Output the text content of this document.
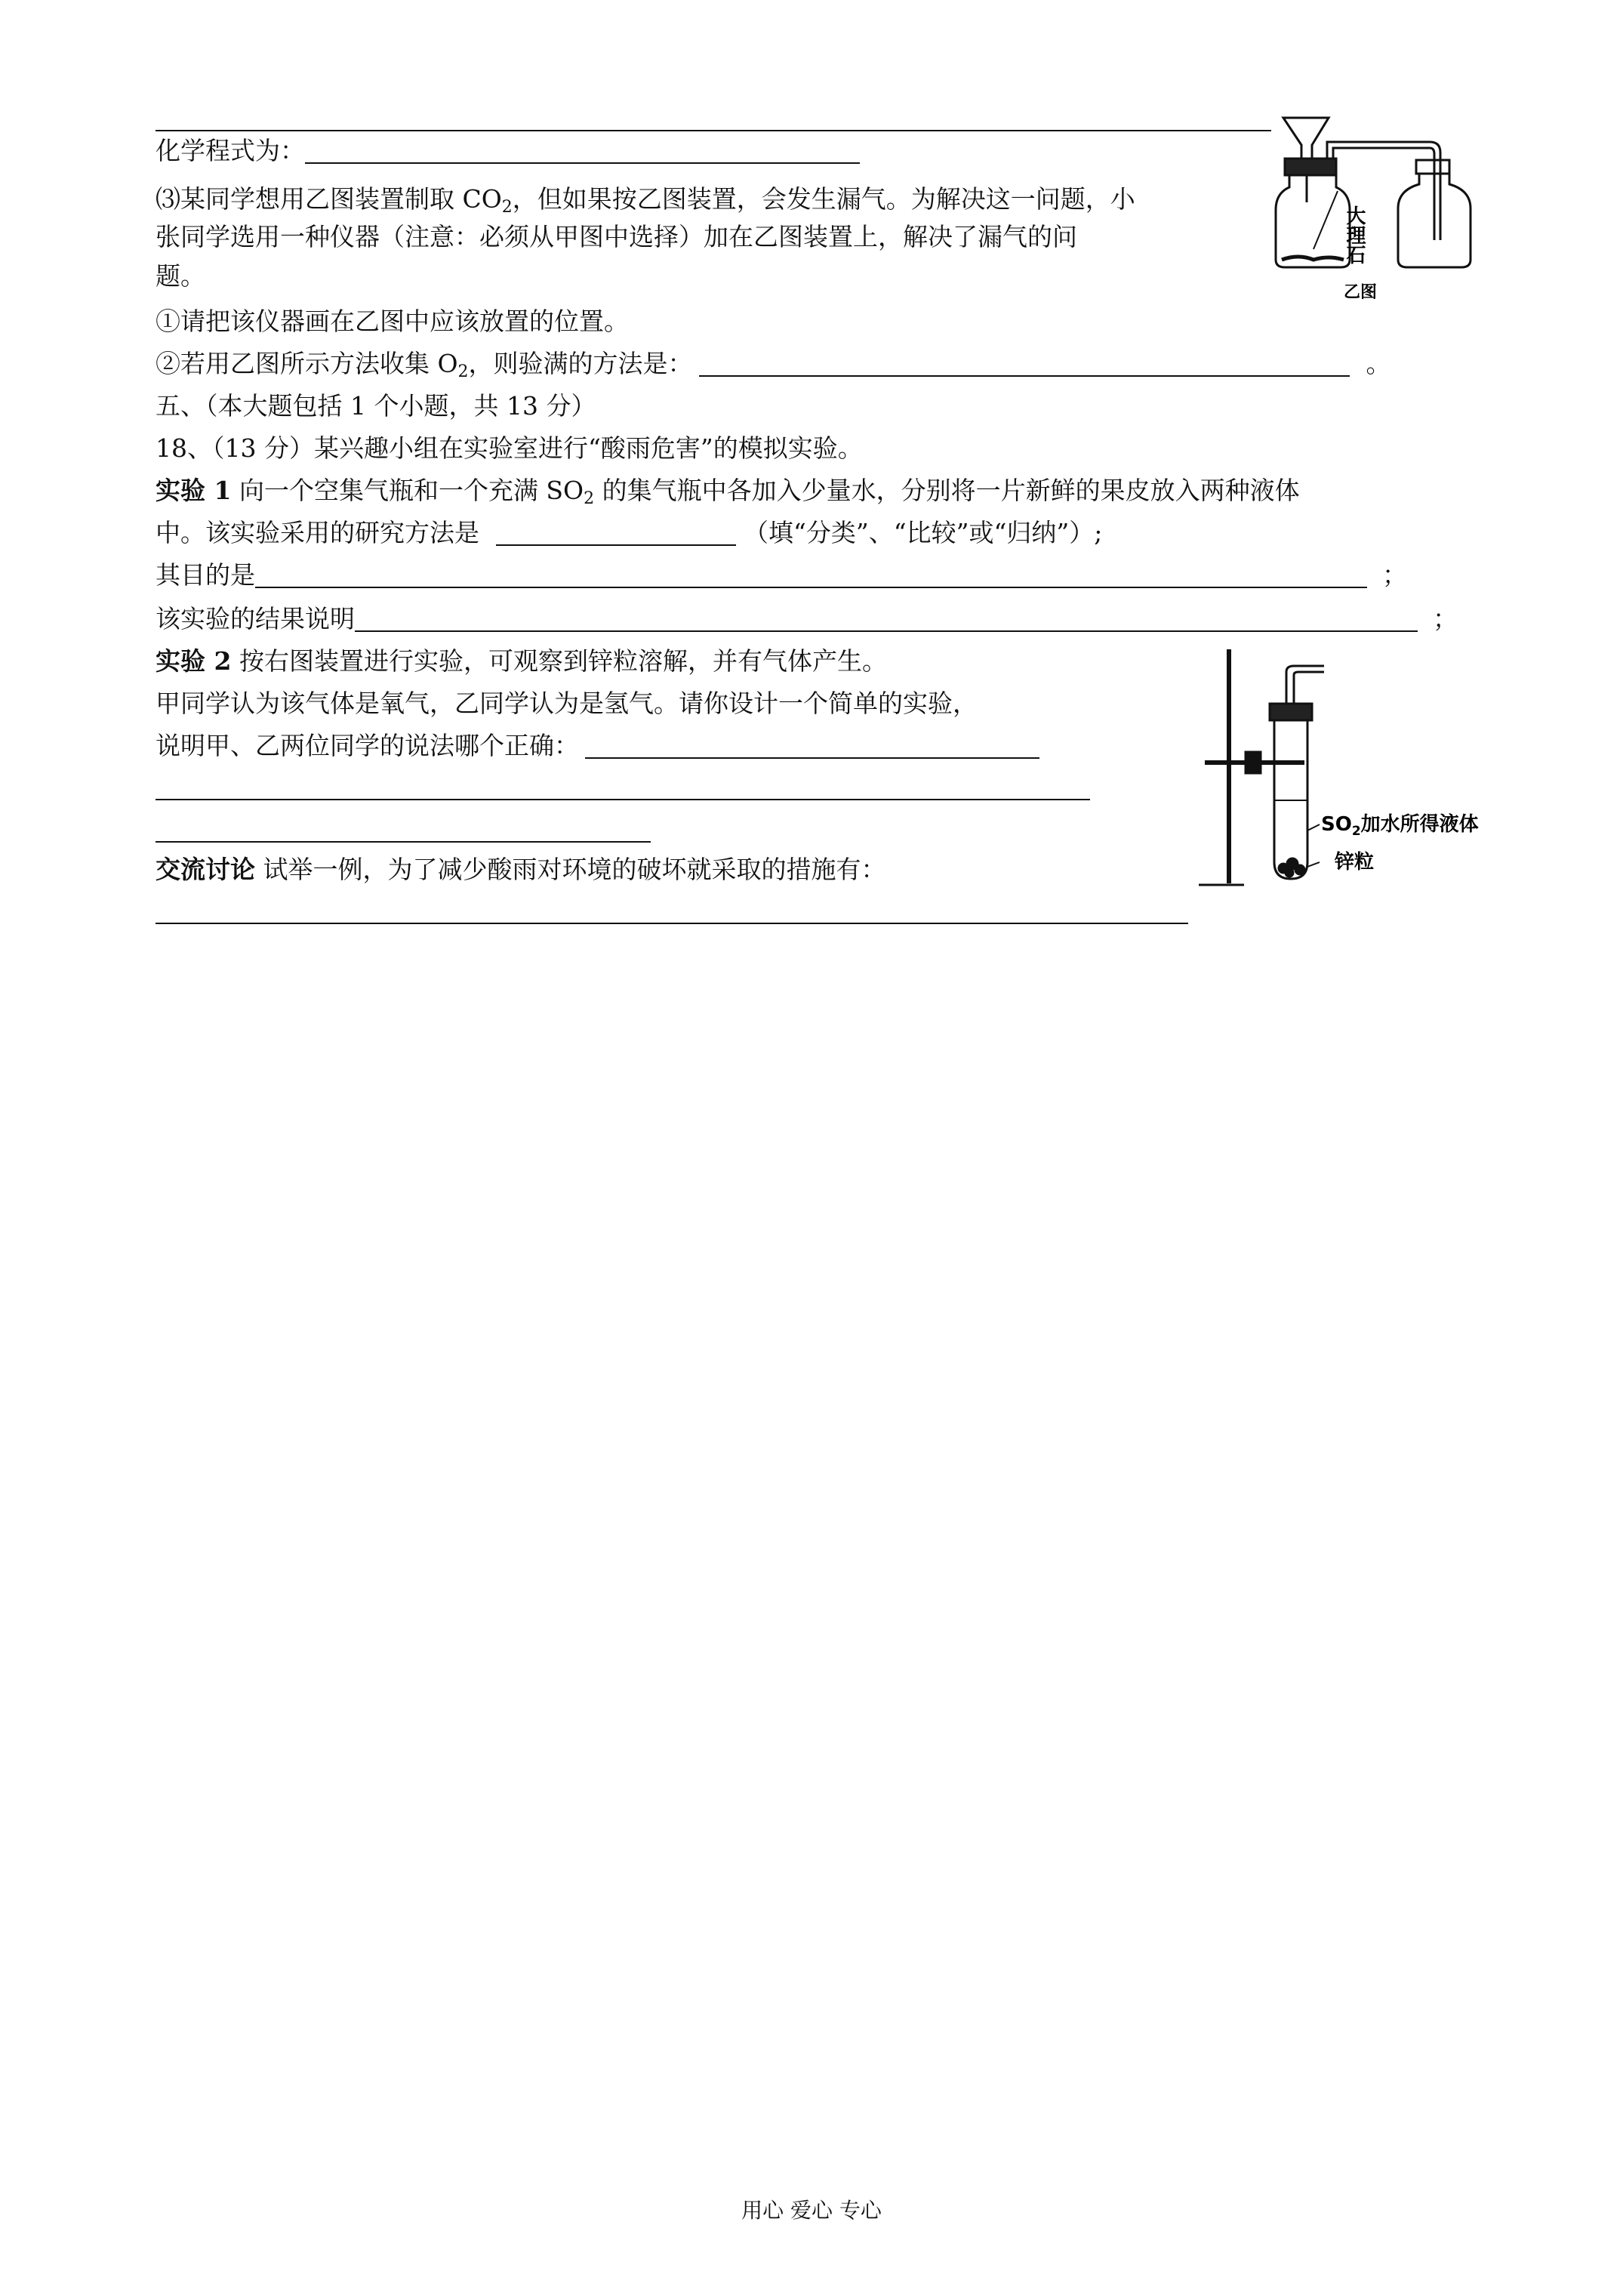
化学程式为：
⑶某同学想用乙图装置制取 $CO_2$，但如果按乙图装置，会发生漏气。为解决这一问题，小
张同学选用一种仪器（注意：必须从甲图中选择）加在乙图装置上，解决了漏气的问
题。
①请把该仪器画在乙图中应该放置的位置。
②若用乙图所示方法收集 $O_2$，则验满的方法是：	。
五、（本大题包括 1 个小题，共 13 分）
18、（13 分）某兴趣小组在实验室进行“酸雨危害”的模拟实验。
实验 1 向一个空集气瓶和一个充满 $SO_2$ 的集气瓶中各加入少量水，分别将一片新鲜的果皮放入两种液体
中。该实验采用的研究方法是	（填“分类”、“比较”或“归纳”）;
其目的是	；
该实验的结果说明	；
实验 2 按右图装置进行实验，可观察到锌粒溶解，并有气体产生。
甲同学认为该气体是氧气，乙同学认为是氢气。请你设计一个简单的实验，
说明甲、乙两位同学的说法哪个正确：
交流讨论 试举一例，为了减少酸雨对环境的破坏就采取的措施有：
大理石
乙图
$SO_2$加水所得液体
锌粒
用心 爱心 专心
